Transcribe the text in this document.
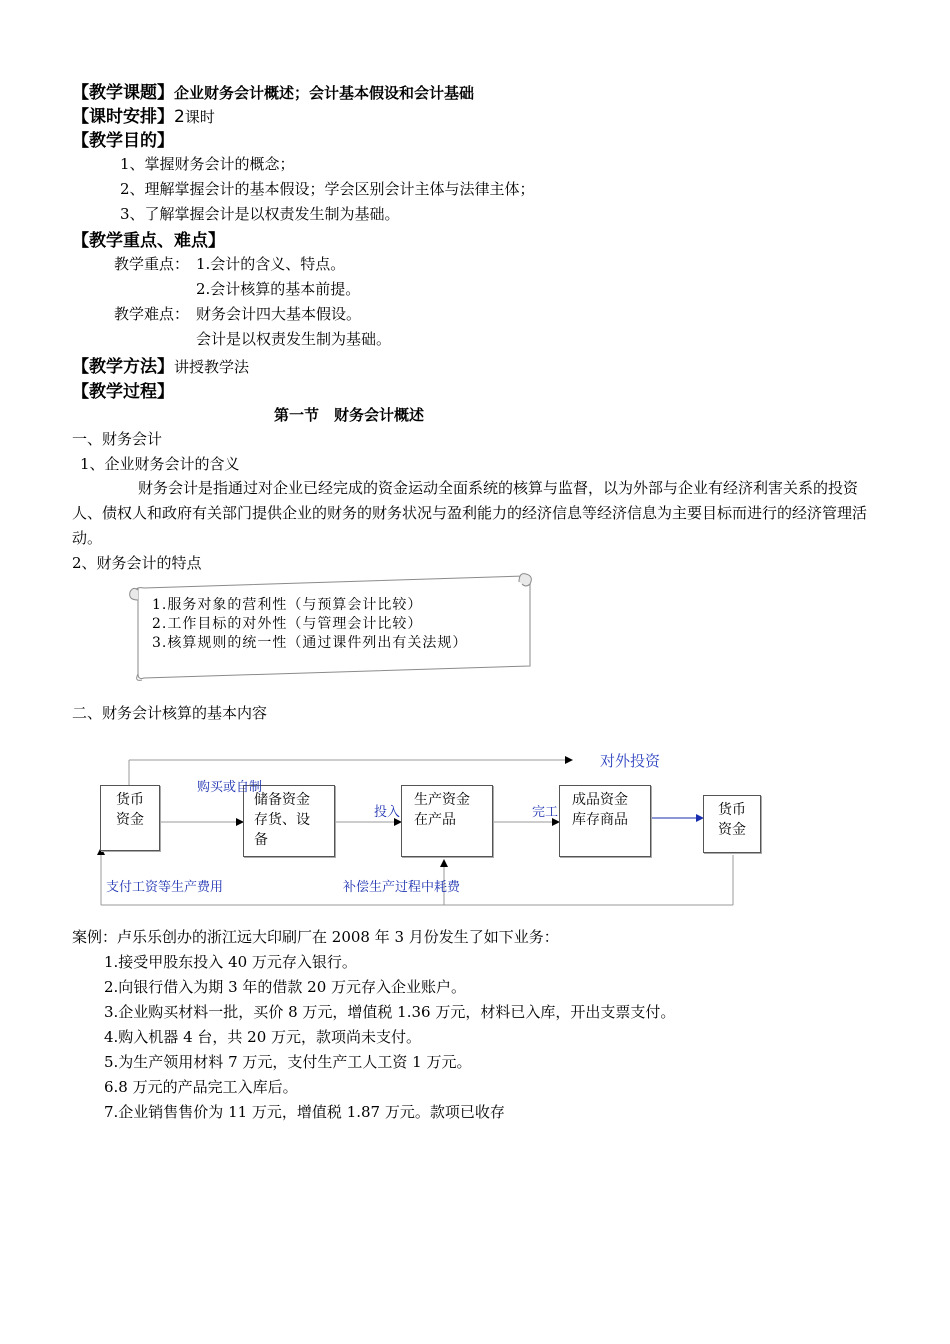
【教学课题】企业财务会计概述；会计基本假设和会计基础
【课时安排】2课时
【教学目的】
1、掌握财务会计的概念；
2、理解掌握会计的基本假设；学会区别会计主体与法律主体；
3、了解掌握会计是以权责发生制为基础。
【教学重点、难点】
教学重点： 1.会计的含义、特点。
2.会计核算的基本前提。
教学难点： 财务会计四大基本假设。
会计是以权责发生制为基础。
【教学方法】讲授教学法
【教学过程】
第一节　财务会计概述
一、财务会计
1、企业财务会计的含义
财务会计是指通过对企业已经完成的资金运动全面系统的核算与监督，以为外部与企业有经济利害关系的投资人、债权人和政府有关部门提供企业的财务的财务状况与盈利能力的经济信息等经济信息为主要目标而进行的经济管理活动。
2、财务会计的特点
1.服务对象的营利性（与预算会计比较）
2.工作目标的对外性（与管理会计比较）
3.核算规则的统一性（通过课件列出有关法规）
二、财务会计核算的基本内容
货币
资金
储备资金
存货、设
备
生产资金
在产品
成品资金
库存商品
货币
资金
购买或自制
投入	完工
对外投资
支付工资等生产费用	补偿生产过程中耗费
案例：卢乐乐创办的浙江远大印刷厂在 2008 年 3 月份发生了如下业务：
1.接受甲股东投入 40 万元存入银行。
2.向银行借入为期 3 年的借款 20 万元存入企业账户。
3.企业购买材料一批，买价 8 万元，增值税 1.36 万元，材料已入库，开出支票支付。
4.购入机器 4 台，共 20 万元，款项尚未支付。
5.为生产领用材料 7 万元，支付生产工人工资 1 万元。
6.8 万元的产品完工入库后。
7.企业销售售价为 11 万元，增值税 1.87 万元。款项已收存
